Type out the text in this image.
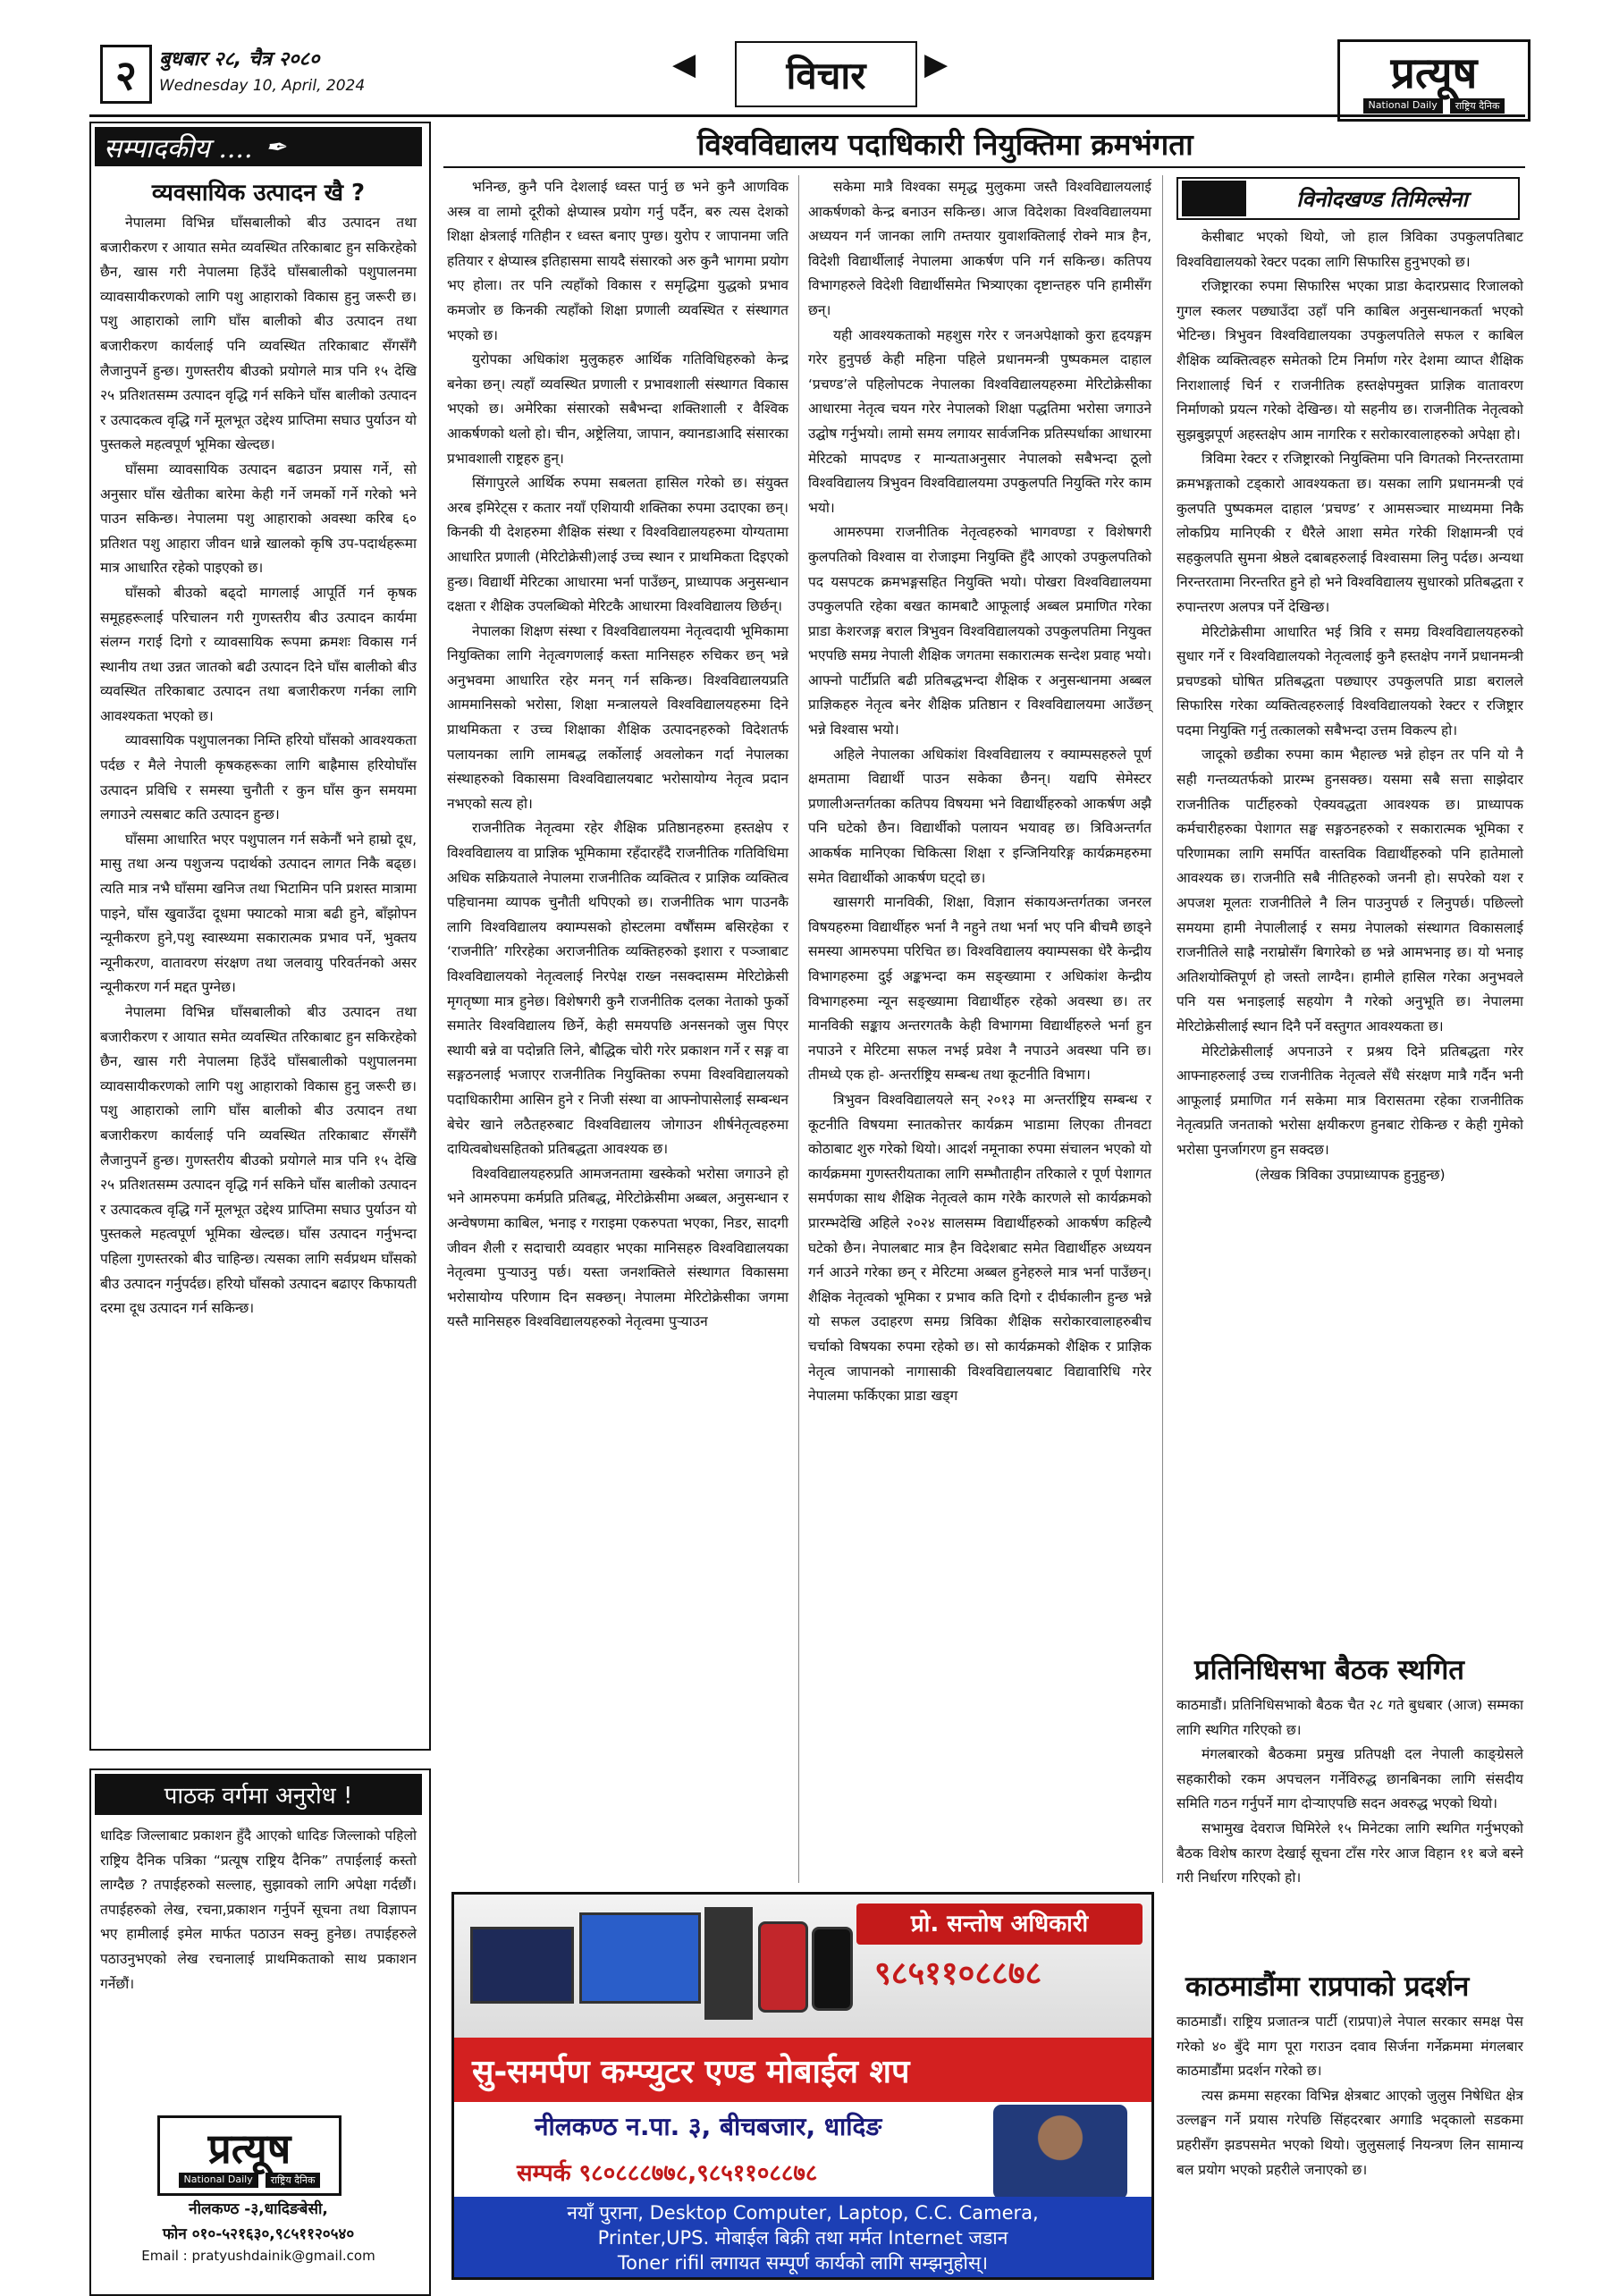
२	बुधबार २८, चैत्र २०८०
Wednesday 10, April, 2024
◀	विचार	▶	प्रत्यूष
National Daily	राष्ट्रिय दैनिक
सम्पादकीय .... ✒
व्यवसायिक उत्पादन खै ?

नेपालमा विभिन्न घाँसबालीको बीउ उत्पादन तथा बजारीकरण र आयात समेत व्यवस्थित तरिकाबाट हुन सकिरहेको छैन, खास गरी नेपालमा हिउँदे घाँसबालीको पशुपालनमा व्यावसायीकरणको लागि पशु आहाराको विकास हुनु जरूरी छ। पशु आहाराको लागि घाँस बालीको बीउ उत्पादन तथा बजारीकरण कार्यलाई पनि व्यवस्थित तरिकाबाट सँगसँगै लैजानुपर्ने हुन्छ। गुणस्तरीय बीउको प्रयोगले मात्र पनि १५ देखि २५ प्रतिशतसम्म उत्पादन वृद्धि गर्न सकिने घाँस बालीको उत्पादन र उत्पादकत्व वृद्धि गर्ने मूलभूत उद्देश्य प्राप्तिमा सघाउ पुर्याउन यो पुस्तकले महत्वपूर्ण भूमिका खेल्दछ।

घाँसमा व्यावसायिक उत्पादन बढाउन प्रयास गर्ने, सो अनुसार घाँस खेतीका बारेमा केही गर्ने जमर्को गर्ने गरेको भने पाउन सकिन्छ। नेपालमा पशु आहाराको अवस्था करिब ६० प्रतिशत पशु आहारा जीवन धान्ने खालको कृषि उप-पदार्थहरूमा मात्र आधारित रहेको पाइएको छ।

घाँसको बीउको बढ्दो मागलाई आपूर्ति गर्न कृषक समूहहरूलाई परिचालन गरी गुणस्तरीय बीउ उत्पादन कार्यमा संलग्न गराई दिगो र व्यावसायिक रूपमा क्रमशः विकास गर्न स्थानीय तथा उन्नत जातको बढी उत्पादन दिने घाँस बालीको बीउ व्यवस्थित तरिकाबाट उत्पादन तथा बजारीकरण गर्नका लागि आवश्यकता भएको छ।

व्यावसायिक पशुपालनका निम्ति हरियो घाँसको आवश्यकता पर्दछ र मैले नेपाली कृषकहरूका लागि बाह्रैमास हरियोघाँस उत्पादन प्रविधि र समस्या चुनौती र कुन घाँस कुन समयमा लगाउने त्यसबाट कति उत्पादन हुन्छ।

घाँसमा आधारित भएर पशुपालन गर्न सकेनौं भने हाम्रो दूध, मासु तथा अन्य पशुजन्य पदार्थको उत्पादन लागत निकै बढ्छ। त्यति मात्र नभै घाँसमा खनिज तथा भिटामिन पनि प्रशस्त मात्रामा पाइने, घाँस खुवाउँदा दूधमा फ्याटको मात्रा बढी हुने, बाँझोपन न्यूनीकरण हुने,पशु स्वास्थ्यमा सकारात्मक प्रभाव पर्ने, भुक्तय न्यूनीकरण, वातावरण संरक्षण तथा जलवायु परिवर्तनको असर न्यूनीकरण गर्न मद्दत पुग्नेछ।

नेपालमा विभिन्न घाँसबालीको बीउ उत्पादन तथा बजारीकरण र आयात समेत व्यवस्थित तरिकाबाट हुन सकिरहेको छैन, खास गरी नेपालमा हिउँदे घाँसबालीको पशुपालनमा व्यावसायीकरणको लागि पशु आहाराको विकास हुनु जरूरी छ। पशु आहाराको लागि घाँस बालीको बीउ उत्पादन तथा बजारीकरण कार्यलाई पनि व्यवस्थित तरिकाबाट सँगसँगै लैजानुपर्ने हुन्छ। गुणस्तरीय बीउको प्रयोगले मात्र पनि १५ देखि २५ प्रतिशतसम्म उत्पादन वृद्धि गर्न सकिने घाँस बालीको उत्पादन र उत्पादकत्व वृद्धि गर्ने मूलभूत उद्देश्य प्राप्तिमा सघाउ पुर्याउन यो पुस्तकले महत्वपूर्ण भूमिका खेल्दछ। घाँस उत्पादन गर्नुभन्दा पहिला गुणस्तरको बीउ चाहिन्छ। त्यसका लागि सर्वप्रथम घाँसको बीउ उत्पादन गर्नुपर्दछ। हरियो घाँसको उत्पादन बढाएर किफायती दरमा दूध उत्पादन गर्न सकिन्छ।

पाठक वर्गमा अनुरोध !
धादिङ जिल्लाबाट प्रकाशन हुँदै आएको धादिङ जिल्लाको पहिलो राष्ट्रिय दैनिक पत्रिका “प्रत्यूष राष्ट्रिय दैनिक” तपाईलाई कस्तो लाग्दैछ ? तपाईहरुको सल्लाह, सुझावको लागि अपेक्षा गर्दछौं। तपाईहरुको लेख, रचना,प्रकाशन गर्नुपर्ने सूचना तथा विज्ञापन भए हामीलाई इमेल मार्फत पठाउन सक्नु हुनेछ। तपाईहरुले पठाउनुभएको लेख रचनालाई प्राथमिकताको साथ प्रकाशन गर्नेछौं।
प्रत्यूष
National Daily	राष्ट्रिय दैनिक
नीलकण्ठ -३,धादिङबेसी,
फोन ०१०-५२१६३०,९८५११२०५४०
Email : pratyushdainik@gmail.com
विश्वविद्यालय पदाधिकारी नियुक्तिमा क्रमभंगता

भनिन्छ, कुनै पनि देशलाई ध्वस्त पार्नु छ भने कुनै आणविक अस्त्र वा लामो दूरीको क्षेप्यास्त्र प्रयोग गर्नु पर्दैन, बरु त्यस देशको शिक्षा क्षेत्रलाई गतिहीन र ध्वस्त बनाए पुग्छ। युरोप र जापानमा जति हतियार र क्षेप्यास्त्र इतिहासमा सायदै संसारको अरु कुनै भागमा प्रयोग भए होला। तर पनि त्यहाँको विकास र समृद्धिमा युद्धको प्रभाव कमजोर छ किनकी त्यहाँको शिक्षा प्रणाली व्यवस्थित र संस्थागत भएको छ।

युरोपका अधिकांश मुलुकहरु आर्थिक गतिविधिहरुको केन्द्र बनेका छन्। त्यहाँ व्यवस्थित प्रणाली र प्रभावशाली संस्थागत विकास भएको छ। अमेरिका संसारको सबैभन्दा शक्तिशाली र वैश्विक आकर्षणको थलो हो। चीन, अष्ट्रेलिया, जापान, क्यानडाआदि संसारका प्रभावशाली राष्ट्रहरु हुन्।

सिंगापुरले आर्थिक रुपमा सबलता हासिल गरेको छ। संयुक्त अरब इमिरेट्स र कतार नयाँ एशियायी शक्तिका रुपमा उदाएका छन्। किनकी यी देशहरुमा शैक्षिक संस्था र विश्वविद्यालयहरुमा योग्यतामा आधारित प्रणाली (मेरिटोक्रेसी)लाई उच्च स्थान र प्राथमिकता दिइएको हुन्छ। विद्यार्थी मेरिटका आधारमा भर्ना पाउँछन्, प्राध्यापक अनुसन्धान दक्षता र शैक्षिक उपलब्धिको मेरिटकै आधारमा विश्वविद्यालय छिर्छन्।

नेपालका शिक्षण संस्था र विश्वविद्यालयमा नेतृत्वदायी भूमिकामा नियुक्तिका लागि नेतृत्वगणलाई कस्ता मानिसहरु रुचिकर छन् भन्ने अनुभवमा आधारित रहेर मनन् गर्न सकिन्छ। विश्वविद्यालयप्रति आममानिसको भरोसा, शिक्षा मन्त्रालयले विश्वविद्यालयहरुमा दिने प्राथमिकता र उच्च शिक्षाका शैक्षिक उत्पादनहरुको विदेशतर्फ पलायनका लागि लामबद्ध लर्कोलाई अवलोकन गर्दा नेपालका संस्थाहरुको विकासमा विश्वविद्यालयबाट भरोसायोग्य नेतृत्व प्रदान नभएको सत्य हो।

राजनीतिक नेतृत्वमा रहेर शैक्षिक प्रतिष्ठानहरुमा हस्तक्षेप र विश्वविद्यालय वा प्राज्ञिक भूमिकामा रहँदारहँदै राजनीतिक गतिविधिमा अधिक सक्रियताले नेपालमा राजनीतिक व्यक्तित्व र प्राज्ञिक व्यक्तित्व पहिचानमा व्यापक चुनौती थपिएको छ। राजनीतिक भाग पाउनकै लागि विश्वविद्यालय क्याम्पसको होस्टलमा वर्षौंसम्म बसिरहेका र ‘राजनीति’ गरिरहेका अराजनीतिक व्यक्तिहरुको इशारा र पञ्जाबाट विश्वविद्यालयको नेतृत्वलाई निरपेक्ष राख्न नसक्दासम्म मेरिटोक्रेसी मृगतृष्णा मात्र हुनेछ। विशेषगरी कुनै राजनीतिक दलका नेताको फुर्को समातेर विश्वविद्यालय छिर्ने, केही समयपछि अनसनको जुस पिएर स्थायी बन्ने वा पदोन्नति लिने, बौद्धिक चोरी गरेर प्रकाशन गर्ने र सङ्ग वा सङ्गठनलाई भजाएर राजनीतिक नियुक्तिका रुपमा विश्वविद्यालयको पदाधिकारीमा आसिन हुने र निजी संस्था वा आफ्नोपासेलाई सम्बन्धन बेचेर खाने लठैतहरुबाट विश्वविद्यालय जोगाउन शीर्षनेतृत्वहरुमा दायित्वबोधसहितको प्रतिबद्धता आवश्यक छ।

विश्वविद्यालयहरुप्रति आमजनतामा खस्केको भरोसा जगाउने हो भने आमरुपमा कर्मप्रति प्रतिबद्ध, मेरिटोक्रेसीमा अब्बल, अनुसन्धान र अन्वेषणमा काबिल, भनाइ र गराइमा एकरुपता भएका, निडर, सादगी जीवन शैली र सदाचारी व्यवहार भएका मानिसहरु विश्वविद्यालयका नेतृत्वमा पुऱ्याउनु पर्छ। यस्ता जनशक्तिले संस्थागत विकासमा भरोसायोग्य परिणाम दिन सक्छन्। नेपालमा मेरिटोक्रेसीका जगमा यस्तै मानिसहरु विश्वविद्यालयहरुको नेतृत्वमा पुऱ्याउन

सकेमा मात्रै विश्वका समृद्ध मुलुकमा जस्तै विश्वविद्यालयलाई आकर्षणको केन्द्र बनाउन सकिन्छ। आज विदेशका विश्वविद्यालयमा अध्ययन गर्न जानका लागि तम्तयार युवाशक्तिलाई रोक्ने मात्र हैन, विदेशी विद्यार्थीलाई नेपालमा आकर्षण पनि गर्न सकिन्छ। कतिपय विभागहरुले विदेशी विद्यार्थीसमेत भित्र्याएका दृष्टान्तहरु पनि हामीसँग छन्।

यही आवश्यकताको महशुस गरेर र जनअपेक्षाको कुरा हृदयङ्गम गरेर हुनुपर्छ केही महिना पहिले प्रधानमन्त्री पुष्पकमल दाहाल ‘प्रचण्ड’ले पहिलोपटक नेपालका विश्वविद्यालयहरुमा मेरिटोक्रेसीका आधारमा नेतृत्व चयन गरेर नेपालको शिक्षा पद्धतिमा भरोसा जगाउने उद्घोष गर्नुभयो। लामो समय लगायर सार्वजनिक प्रतिस्पर्धाका आधारमा मेरिटको मापदण्ड र मान्यताअनुसार नेपालको सबैभन्दा ठूलो विश्वविद्यालय त्रिभुवन विश्वविद्यालयमा उपकुलपति नियुक्ति गरेर काम भयो।

आमरुपमा राजनीतिक नेतृत्वहरुको भागवण्डा र विशेषगरी कुलपतिको विश्वास वा रोजाइमा नियुक्ति हुँदै आएको उपकुलपतिको पद यसपटक क्रमभङ्गसहित नियुक्ति भयो। पोखरा विश्वविद्यालयमा उपकुलपति रहेका बखत कामबाटै आफूलाई अब्बल प्रमाणित गरेका प्राडा केशरजङ्ग बराल त्रिभुवन विश्वविद्यालयको उपकुलपतिमा नियुक्त भएपछि समग्र नेपाली शैक्षिक जगतमा सकारात्मक सन्देश प्रवाह भयो। आफ्नो पार्टीप्रति बढी प्रतिबद्धभन्दा शैक्षिक र अनुसन्धानमा अब्बल प्राज्ञिकहरु नेतृत्व बनेर शैक्षिक प्रतिष्ठान र विश्वविद्यालयमा आउँछन् भन्ने विश्वास भयो।

अहिले नेपालका अधिकांश विश्वविद्यालय र क्याम्पसहरुले पूर्ण क्षमतामा विद्यार्थी पाउन सकेका छैनन्। यद्यपि सेमेस्टर प्रणालीअन्तर्गतका कतिपय विषयमा भने विद्यार्थीहरुको आकर्षण अझै पनि घटेको छैन। विद्यार्थीको पलायन भयावह छ। त्रिविअन्तर्गत आकर्षक मानिएका चिकित्सा शिक्षा र इन्जिनियरिङ्ग कार्यक्रमहरुमा समेत विद्यार्थीको आकर्षण घट्दो छ।

खासगरी मानविकी, शिक्षा, विज्ञान संकायअन्तर्गतका जनरल विषयहरुमा विद्यार्थीहरु भर्ना नै नहुने तथा भर्ना भए पनि बीचमै छाड्ने समस्या आमरुपमा परिचित छ। विश्वविद्यालय क्याम्पसका धेरै केन्द्रीय विभागहरुमा दुई अङ्कभन्दा कम सङ्ख्यामा र अधिकांश केन्द्रीय विभागहरुमा न्यून सङ्ख्यामा विद्यार्थीहरु रहेको अवस्था छ। तर मानविकी सङ्काय अन्तरगतकै केही विभागमा विद्यार्थीहरुले भर्ना हुन नपाउने र मेरिटमा सफल नभई प्रवेश नै नपाउने अवस्था पनि छ। तीमध्ये एक हो- अन्तर्राष्ट्रिय सम्बन्ध तथा कूटनीति विभाग।

त्रिभुवन विश्वविद्यालयले सन् २०१३ मा अन्तर्राष्ट्रिय सम्बन्ध र कूटनीति विषयमा स्नातकोत्तर कार्यक्रम भाडामा लिएका तीनवटा कोठाबाट शुरु गरेको थियो। आदर्श नमूनाका रुपमा संचालन भएको यो कार्यक्रममा गुणस्तरीयताका लागि सम्भौताहीन तरिकाले र पूर्ण पेशागत समर्पणका साथ शैक्षिक नेतृत्वले काम गरेकै कारणले सो कार्यक्रमको प्रारम्भदेखि अहिले २०२४ सालसम्म विद्यार्थीहरुको आकर्षण कहिल्यै घटेको छैन। नेपालबाट मात्र हैन विदेशबाट समेत विद्यार्थीहरु अध्ययन गर्न आउने गरेका छन् र मेरिटमा अब्बल हुनेहरुले मात्र भर्ना पाउँछन्। शैक्षिक नेतृत्वको भूमिका र प्रभाव कति दिगो र दीर्घकालीन हुन्छ भन्ने यो सफल उदाहरण समग्र त्रिविका शैक्षिक सरोकारवालाहरुबीच चर्चाको विषयका रुपमा रहेको छ। सो कार्यक्रमको शैक्षिक र प्राज्ञिक नेतृत्व जापानको नागासाकी विश्वविद्यालयबाट विद्यावारिधि गरेर नेपालमा फर्किएका प्राडा खड्ग

विनोदखण्ड तिमिल्सेना

केसीबाट भएको थियो, जो हाल त्रिविका उपकुलपतिबाट विश्वविद्यालयको रेक्टर पदका लागि सिफारिस हुनुभएको छ।

रजिष्ट्रारका रुपमा सिफारिस भएका प्राडा केदारप्रसाद रिजालको गुगल स्कलर पछ्याउँदा उहाँ पनि काबिल अनुसन्धानकर्ता भएको भेटिन्छ। त्रिभुवन विश्वविद्यालयका उपकुलपतिले सफल र काबिल शैक्षिक व्यक्तित्वहरु समेतको टिम निर्माण गरेर देशमा व्याप्त शैक्षिक निराशालाई चिर्न र राजनीतिक हस्तक्षेपमुक्त प्राज्ञिक वातावरण निर्माणको प्रयत्न गरेको देखिन्छ। यो सहनीय छ। राजनीतिक नेतृत्वको सुझबुझपूर्ण अहस्तक्षेप आम नागरिक र सरोकारवालाहरुको अपेक्षा हो।

त्रिविमा रेक्टर र रजिष्ट्रारको नियुक्तिमा पनि विगतको निरन्तरतामा क्रमभङ्गताको टड्कारो आवश्यकता छ। यसका लागि प्रधानमन्त्री एवं कुलपति पुष्पकमल दाहाल ‘प्रचण्ड’ र आमसञ्चार माध्यममा निकै लोकप्रिय मानिएकी र धैरैले आशा समेत गरेकी शिक्षामन्त्री एवं सहकुलपति सुमना श्रेष्ठले दबाबहरुलाई विश्वासमा लिनु पर्दछ। अन्यथा निरन्तरतामा निरन्तरित हुने हो भने विश्वविद्यालय सुधारको प्रतिबद्धता र रुपान्तरण अलपत्र पर्ने देखिन्छ।

मेरिटोक्रेसीमा आधारित भई त्रिवि र समग्र विश्वविद्यालयहरुको सुधार गर्ने र विश्वविद्यालयको नेतृत्वलाई कुनै हस्तक्षेप नगर्ने प्रधानमन्त्री प्रचण्डको घोषित प्रतिबद्धता पछ्याएर उपकुलपति प्राडा बरालले सिफारिस गरेका व्यक्तित्वहरुलाई विश्वविद्यालयको रेक्टर र रजिष्ट्रार पदमा नियुक्ति गर्नु तत्कालको सबैभन्दा उत्तम विकल्प हो।

जादूको छडीका रुपमा काम भैहाल्छ भन्ने होइन तर पनि यो नै सही गन्तव्यतर्फको प्रारम्भ हुनसक्छ। यसमा सबै सत्ता साझेदार राजनीतिक पार्टीहरुको ऐक्यवद्धता आवश्यक छ। प्राध्यापक कर्मचारीहरुका पेशागत सङ्घ सङ्गठनहरुको र सकारात्मक भूमिका र परिणामका लागि समर्पित वास्तविक विद्यार्थीहरुको पनि हातेमालो आवश्यक छ। राजनीति सबै नीतिहरुको जननी हो। सपरेको यश र अपजश मूलतः राजनीतिले नै लिन पाउनुपर्छ र लिनुपर्छ। पछिल्लो समयमा हामी नेपालीलाई र समग्र नेपालको संस्थागत विकासलाई राजनीतिले साह्रै नराम्रोसँग बिगारेको छ भन्ने आमभनाइ छ। यो भनाइ अतिशयोक्तिपूर्ण हो जस्तो लाग्दैन। हामीले हासिल गरेका अनुभवले पनि यस भनाइलाई सहयोग नै गरेको अनुभूति छ। नेपालमा मेरिटोक्रेसीलाई स्थान दिनै पर्ने वस्तुगत आवश्यकता छ।

मेरिटोक्रेसीलाई अपनाउने र प्रश्रय दिने प्रतिबद्धता गरेर आफ्नाहरुलाई उच्च राजनीतिक नेतृत्वले सँधै संरक्षण मात्रै गर्दैन भनी आफूलाई प्रमाणित गर्न सकेमा मात्र विरासतमा रहेका राजनीतिक नेतृत्वप्रति जनताको भरोसा क्षयीकरण हुनबाट रोकिन्छ र केही गुमेको भरोसा पुनर्जागरण हुन सक्दछ।

(लेखक त्रिविका उपप्राध्यापक हुनुहुन्छ)

प्रतिनिधिसभा बैठक स्थगित

काठमाडौं। प्रतिनिधिसभाको बैठक चैत २८ गते बुधबार (आज) सम्मका लागि स्थगित गरिएको छ।

मंगलबारको बैठकमा प्रमुख प्रतिपक्षी दल नेपाली काङ्ग्रेसले सहकारीको रकम अपचलन गर्नेविरुद्ध छानबिनका लागि संसदीय समिति गठन गर्नुपर्ने माग दोऱ्याएपछि सदन अवरुद्ध भएको थियो।

सभामुख देवराज घिमिरेले १५ मिनेटका लागि स्थगित गर्नुभएको बैठक विशेष कारण देखाई सूचना टाँस गरेर आज विहान ११ बजे बस्ने गरी निर्धारण गरिएको हो।

काठमाडौंमा राप्रपाको प्रदर्शन

काठमाडौं। राष्ट्रिय प्रजातन्त्र पार्टी (राप्रपा)ले नेपाल सरकार समक्ष पेस गरेको ४० बुँदे माग पूरा गराउन दवाव सिर्जना गर्नेक्रममा मंगलबार काठमाडौंमा प्रदर्शन गरेको छ।

त्यस क्रममा सहरका विभिन्न क्षेत्रबाट आएको जुलुस निषेधित क्षेत्र उल्लङ्घन गर्ने प्रयास गरेपछि सिंहदरबार अगाडि भद्कालो सडकमा प्रहरीसँग झडपसमेत भएको थियो। जुलुसलाई नियन्त्रण लिन सामान्य बल प्रयोग भएको प्रहरीले जनाएको छ।

प्रो. सन्तोष अधिकारी
९८५११०८८७८
सु-समर्पण कम्प्युटर एण्ड मोबाईल शप
नीलकण्ठ न.पा. ३, बीचबजार, धादिङ
सम्पर्क ९८०८८८७७८,९८५११०८८७८
नयाँ पुराना, Desktop Computer, Laptop, C.C. Camera,
Printer,UPS. मोबाईल बिक्री तथा मर्मत Internet जडान
Toner rifil लगायत सम्पूर्ण कार्यको लागि सम्झनुहोस्।
